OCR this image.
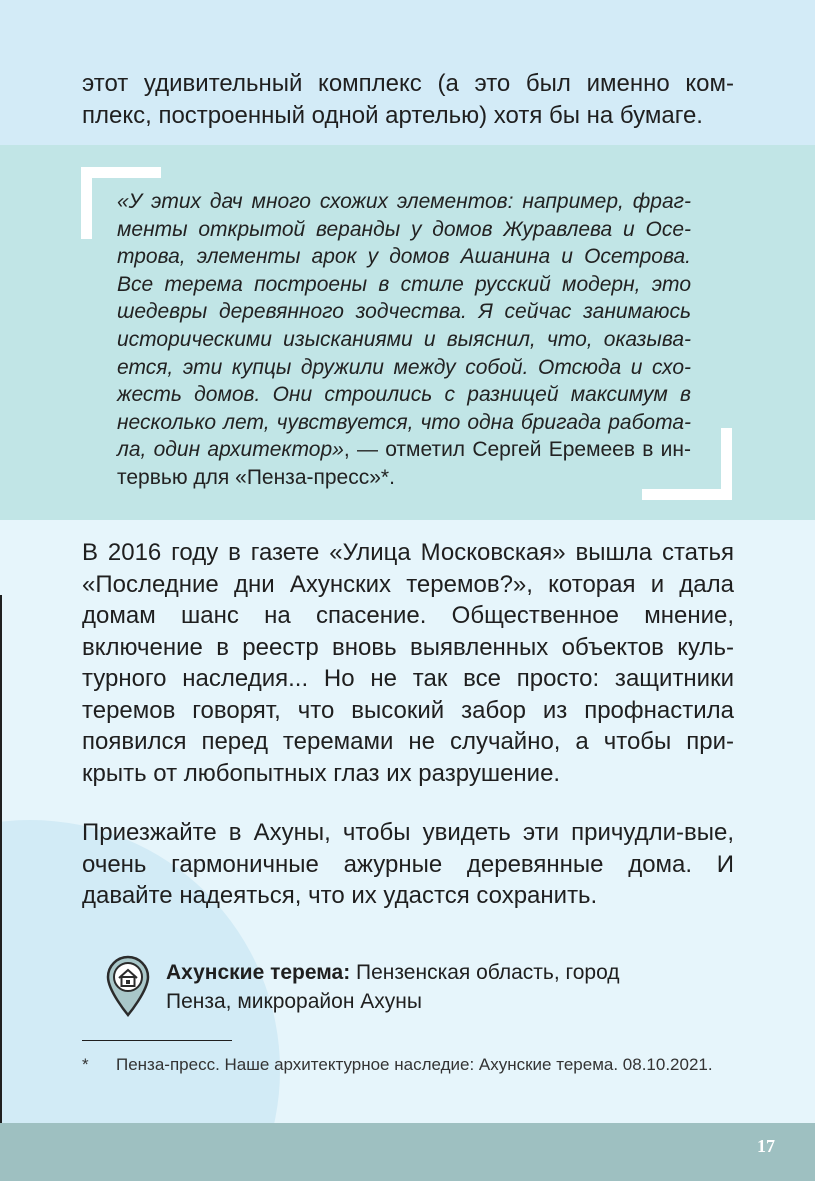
этот удивительный комплекс (а это был именно ком-плекс, построенный одной артелью) хотя бы на бумаге.

«У этих дач много схожих элементов: например, фраг-менты открытой веранды у домов Журавлева и Осе-трова, элементы арок у домов Ашанина и Осетрова. Все терема построены в стиле русский модерн, это шедевры деревянного зодчества. Я сейчас занимаюсь историческими изысканиями и выяснил, что, оказыва-ется, эти купцы дружили между собой. Отсюда и схо-жесть домов. Они строились с разницей максимум в несколько лет, чувствуется, что одна бригада работа-ла, один архитектор», — отметил Сергей Еремеев в ин-тервью для «Пенза-пресс»*.

В 2016 году в газете «Улица Московская» вышла статья «Последние дни Ахунских теремов?», которая и дала домам шанс на спасение. Общественное мнение, включение в реестр вновь выявленных объектов куль-турного наследия... Но не так все просто: защитники теремов говорят, что высокий забор из профнастила появился перед теремами не случайно, а чтобы при-крыть от любопытных глаз их разрушение.

Приезжайте в Ахуны, чтобы увидеть эти причудли-вые, очень гармоничные ажурные деревянные дома. И давайте надеяться, что их удастся сохранить.

Ахунские терема: Пензенская область, город Пенза, микрорайон Ахуны

*	Пенза-пресс. Наше архитектурное наследие: Ахунские терема. 08.10.2021.

17
